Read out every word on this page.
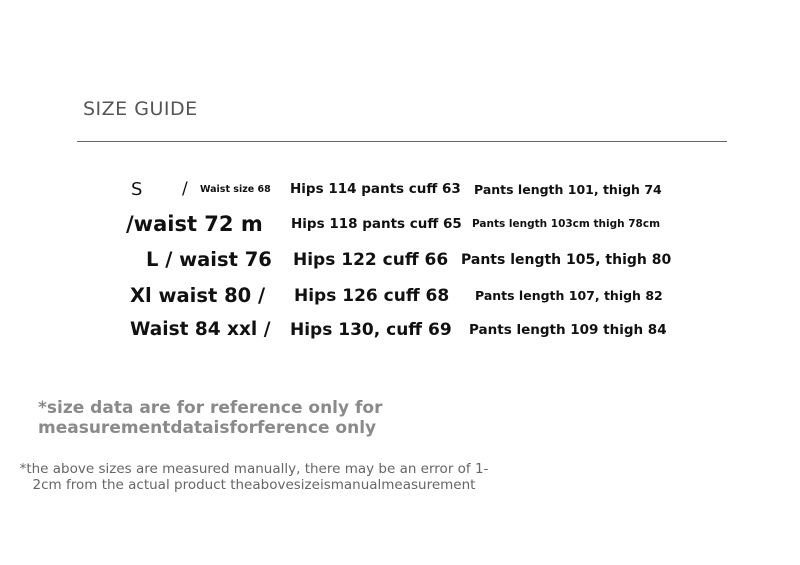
SIZE GUIDE
S / Waist size 68 Hips 114 pants cuff 63 Pants length 101, thigh 74
/waist 72 m Hips 118 pants cuff 65 Pants length 103cm thigh 78cm
L / waist 76 Hips 122 cuff 66 Pants length 105, thigh 80
Xl waist 80 / Hips 126 cuff 68 Pants length 107, thigh 82
Waist 84 xxl / Hips 130, cuff 69 Pants length 109 thigh 84
*size data are for reference only for
measurementdataisforference only
*the above sizes are measured manually, there may be an error of 1-
2cm from the actual product theabovesizeismanualmeasurement
